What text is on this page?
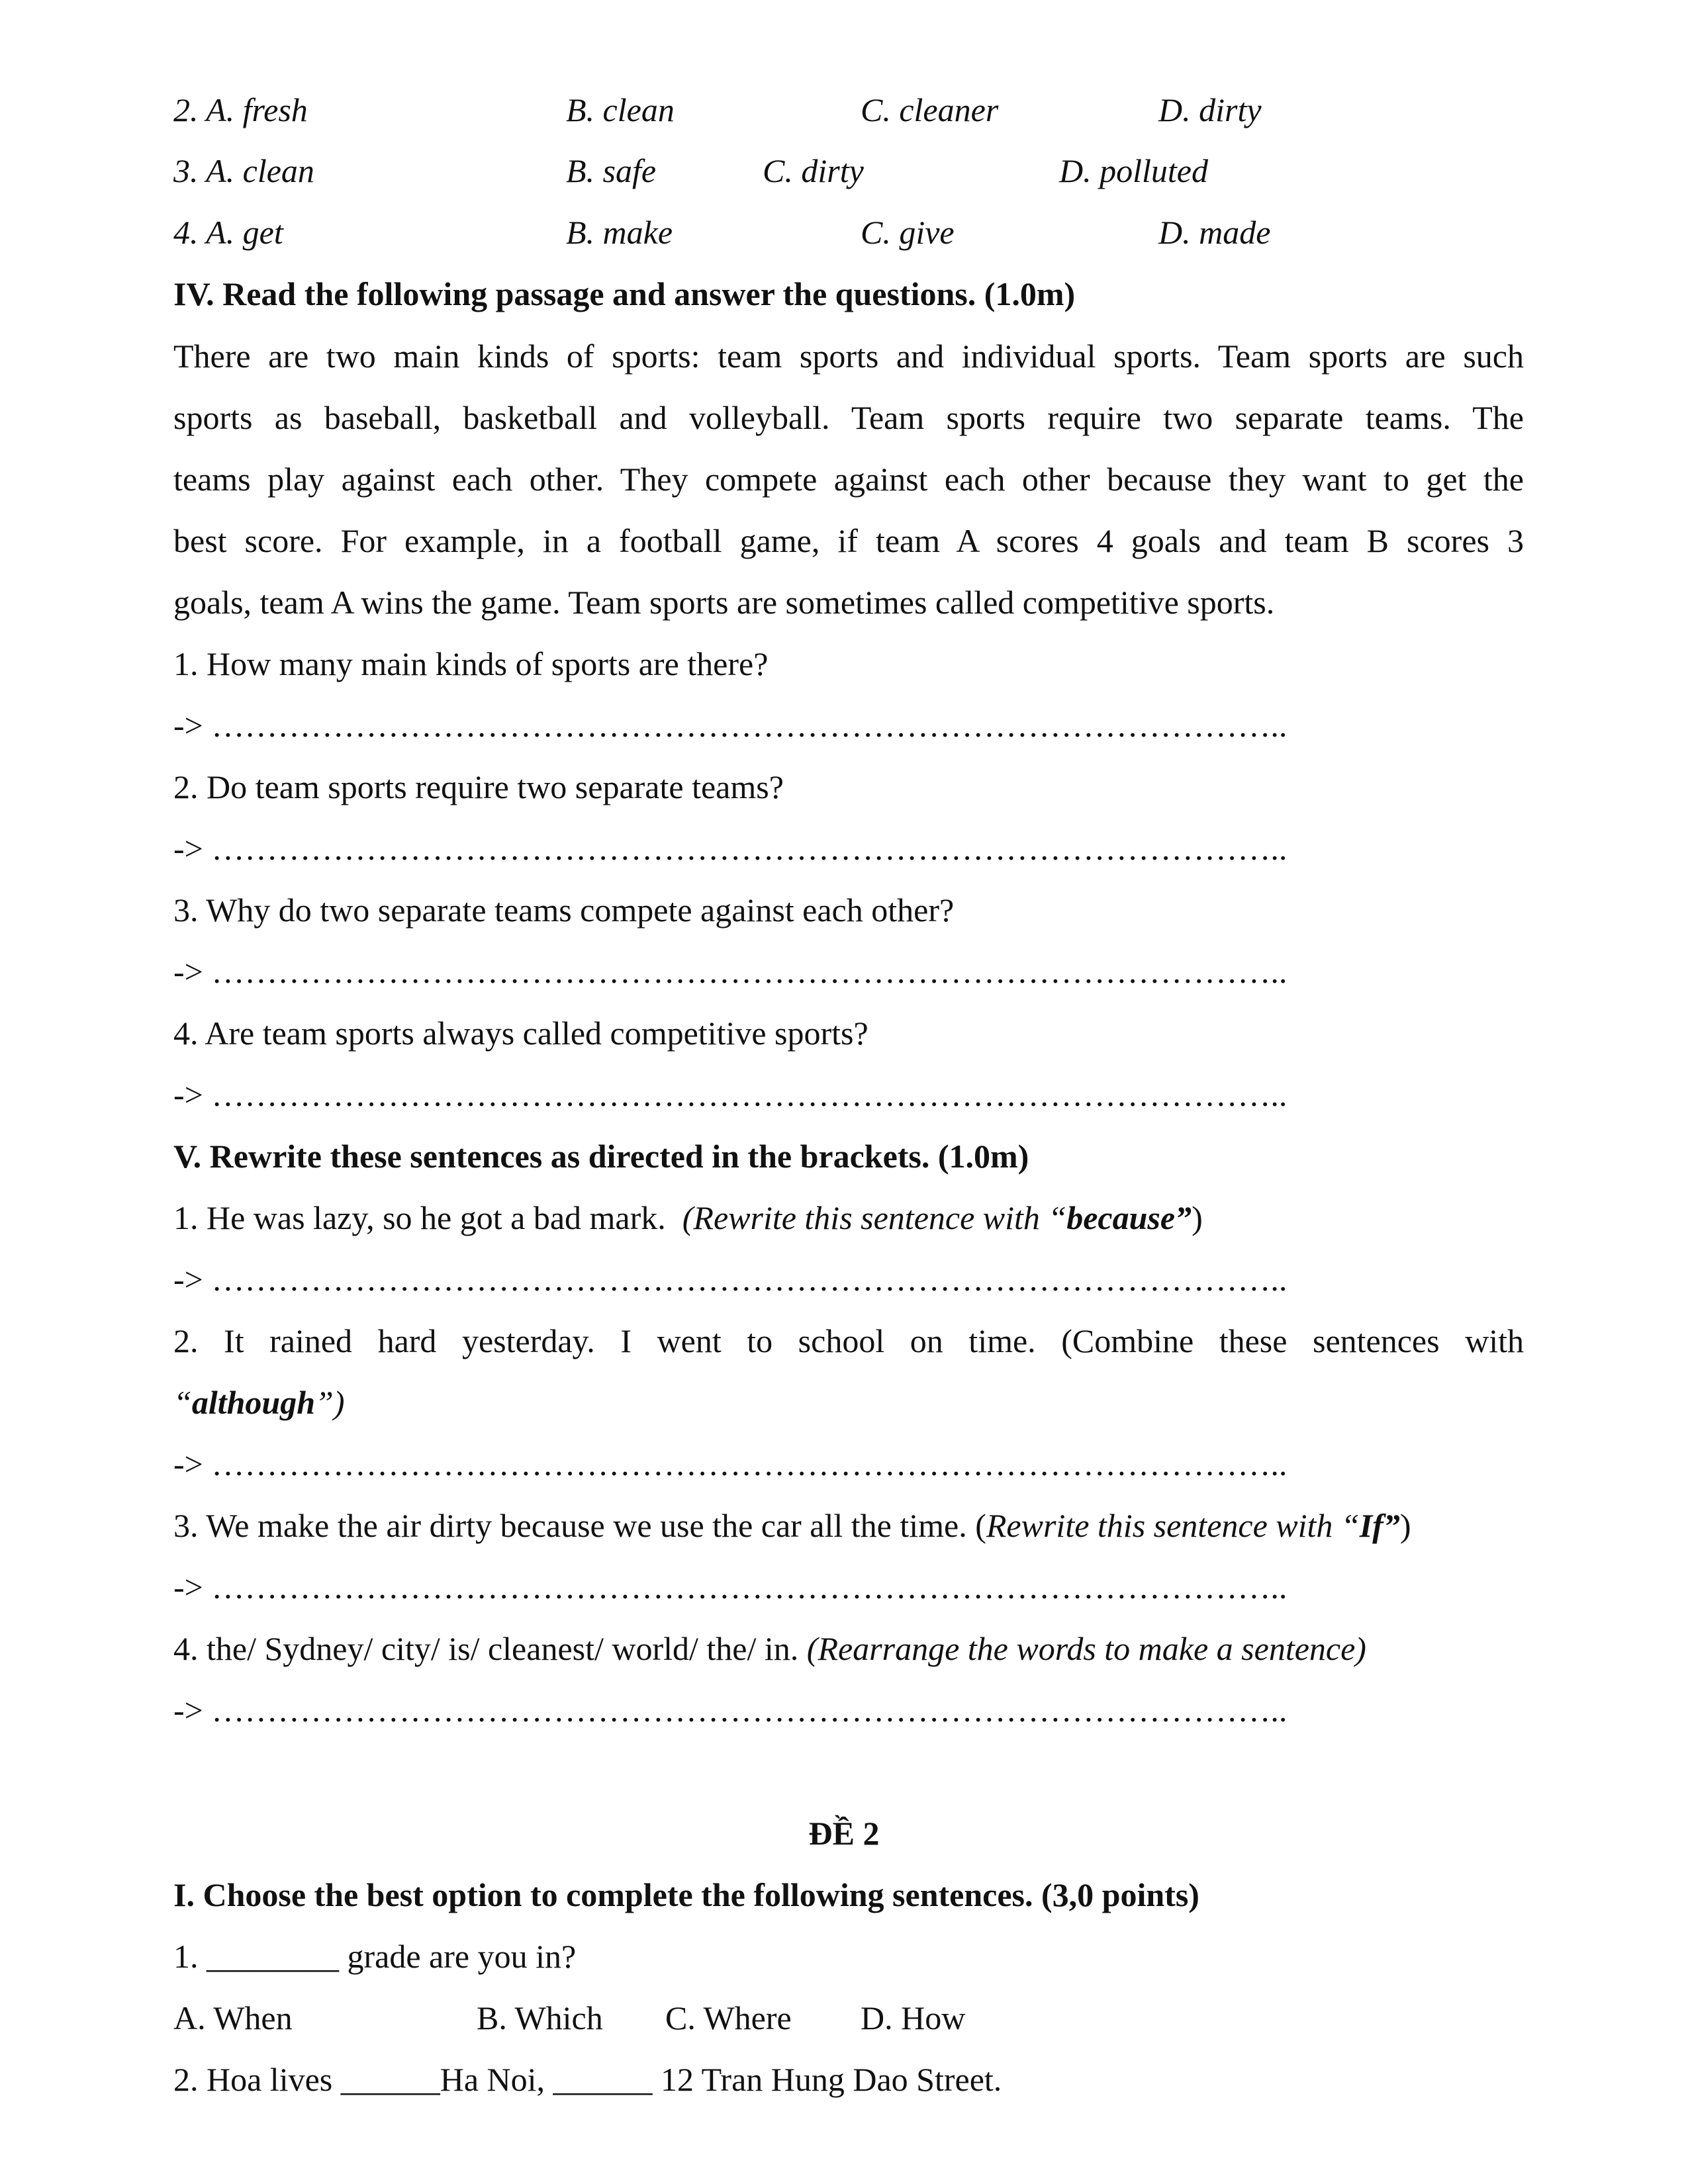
2. A. fresh	B. clean	C. cleaner	D. dirty
3. A. clean	B. safe	C. dirty	D. polluted
4. A. get	B. make	C. give	D. made
IV. Read the following passage and answer the questions. (1.0m)
There are two main kinds of sports: team sports and individual sports. Team sports are such
sports as baseball, basketball and volleyball. Team sports require two separate teams. The
teams play against each other. They compete against each other because they want to get the
best score. For example, in a football game, if team A scores 4 goals and team B scores 3
goals, team A wins the game. Team sports are sometimes called competitive sports.
1. How many main kinds of sports are there?
-> ……………………………………………………………………………………..
2. Do team sports require two separate teams?
-> ……………………………………………………………………………………..
3. Why do two separate teams compete against each other?
-> ……………………………………………………………………………………..
4. Are team sports always called competitive sports?
-> ……………………………………………………………………………………..
V. Rewrite these sentences as directed in the brackets. (1.0m)
1. He was lazy, so he got a bad mark. (Rewrite this sentence with “because”)
-> ……………………………………………………………………………………..
2. It rained hard yesterday. I went to school on time. (Combine these sentences with
“although”)
-> ……………………………………………………………………………………..
3. We make the air dirty because we use the car all the time. (Rewrite this sentence with “If”)
-> ……………………………………………………………………………………..
4. the/ Sydney/ city/ is/ cleanest/ world/ the/ in. (Rearrange the words to make a sentence)
-> ……………………………………………………………………………………..
ĐỀ 2
I. Choose the best option to complete the following sentences. (3,0 points)
1. ________ grade are you in?
A. When	B. Which C. Where D. How
2. Hoa lives ______Ha Noi, ______ 12 Tran Hung Dao Street.
